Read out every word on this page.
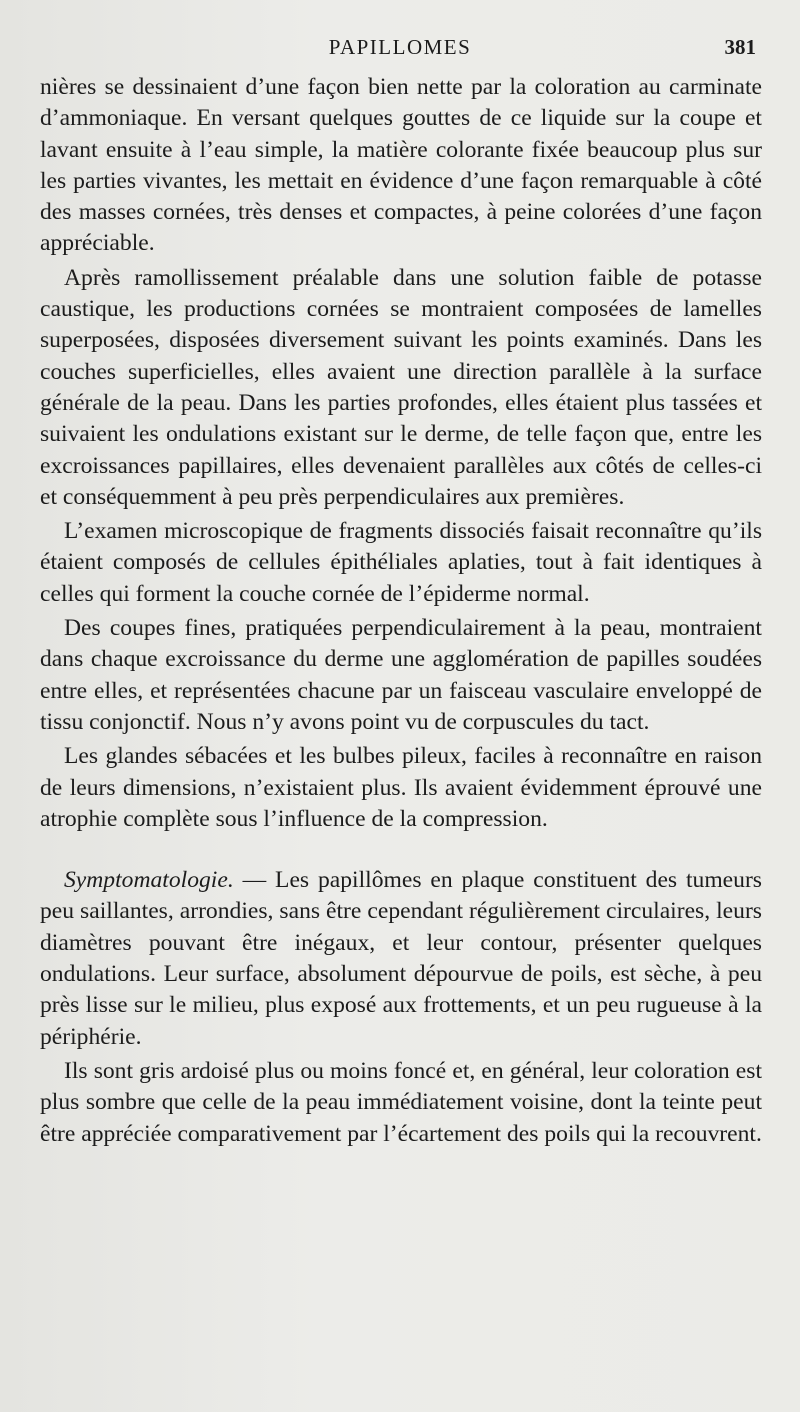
PAPILLOMES	381

nières se dessinaient d’une façon bien nette par la coloration au carminate d’ammoniaque. En versant quelques gouttes de ce liquide sur la coupe et lavant ensuite à l’eau simple, la matière colorante fixée beaucoup plus sur les parties vivantes, les mettait en évidence d’une façon remarquable à côté des masses cornées, très denses et compactes, à peine colorées d’une façon appréciable.

Après ramollissement préalable dans une solution faible de potasse caustique, les productions cornées se montraient composées de lamelles superposées, disposées diversement suivant les points examinés. Dans les couches superficielles, elles avaient une direction parallèle à la surface générale de la peau. Dans les parties profondes, elles étaient plus tassées et suivaient les ondulations existant sur le derme, de telle façon que, entre les excroissances papillaires, elles devenaient parallèles aux côtés de celles-ci et conséquemment à peu près perpendiculaires aux premières.

L’examen microscopique de fragments dissociés faisait reconnaître qu’ils étaient composés de cellules épithéliales aplaties, tout à fait identiques à celles qui forment la couche cornée de l’épiderme normal.

Des coupes fines, pratiquées perpendiculairement à la peau, montraient dans chaque excroissance du derme une agglomération de papilles soudées entre elles, et représentées chacune par un faisceau vasculaire enveloppé de tissu conjonctif. Nous n’y avons point vu de corpuscules du tact.

Les glandes sébacées et les bulbes pileux, faciles à reconnaître en raison de leurs dimensions, n’existaient plus. Ils avaient évidemment éprouvé une atrophie complète sous l’influence de la compression.

Symptomatologie. — Les papillômes en plaque constituent des tumeurs peu saillantes, arrondies, sans être cependant régulièrement circulaires, leurs diamètres pouvant être inégaux, et leur contour, présenter quelques ondulations. Leur surface, absolument dépourvue de poils, est sèche, à peu près lisse sur le milieu, plus exposé aux frottements, et un peu rugueuse à la périphérie.

Ils sont gris ardoisé plus ou moins foncé et, en général, leur coloration est plus sombre que celle de la peau immédiatement voisine, dont la teinte peut être appréciée comparativement par l’écartement des poils qui la recouvrent.
